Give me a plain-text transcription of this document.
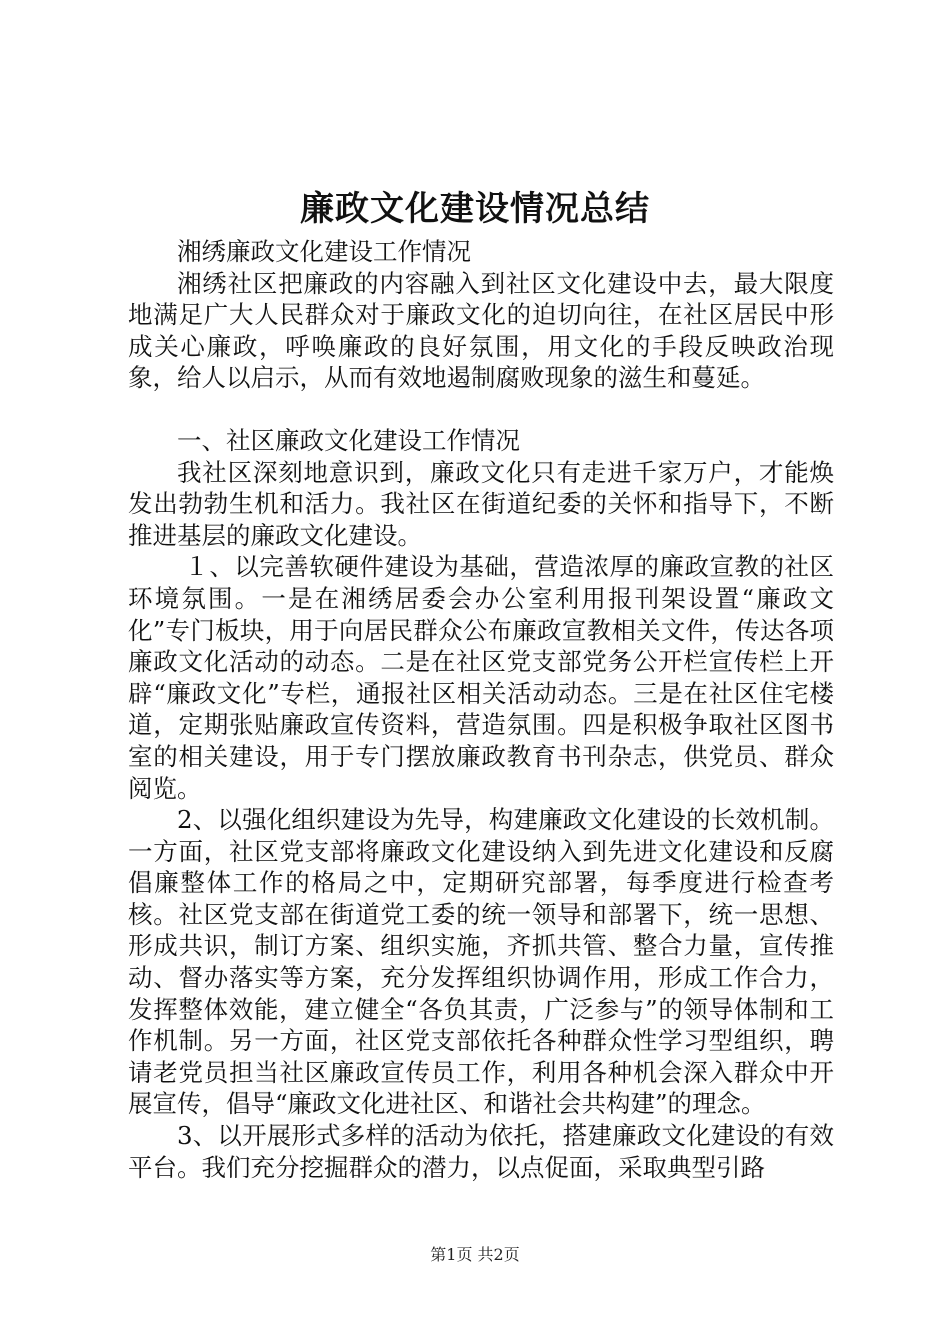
廉政文化建设情况总结

湘绣廉政文化建设工作情况

湘绣社区把廉政的内容融入到社区文化建设中去，最大限度地满足广大人民群众对于廉政文化的迫切向往，在社区居民中形成关心廉政，呼唤廉政的良好氛围，用文化的手段反映政治现象，给人以启示，从而有效地遏制腐败现象的滋生和蔓延。

一、社区廉政文化建设工作情况

我社区深刻地意识到，廉政文化只有走进千家万户，才能焕发出勃勃生机和活力。我社区在街道纪委的关怀和指导下，不断推进基层的廉政文化建设。

１、以完善软硬件建设为基础，营造浓厚的廉政宣教的社区环境氛围。一是在湘绣居委会办公室利用报刊架设置“廉政文化”专门板块，用于向居民群众公布廉政宣教相关文件，传达各项廉政文化活动的动态。二是在社区党支部党务公开栏宣传栏上开辟“廉政文化”专栏，通报社区相关活动动态。三是在社区住宅楼道，定期张贴廉政宣传资料，营造氛围。四是积极争取社区图书室的相关建设，用于专门摆放廉政教育书刊杂志，供党员、群众阅览。

2、以强化组织建设为先导，构建廉政文化建设的长效机制。一方面，社区党支部将廉政文化建设纳入到先进文化建设和反腐倡廉整体工作的格局之中，定期研究部署，每季度进行检查考核。社区党支部在街道党工委的统一领导和部署下，统一思想、形成共识，制订方案、组织实施，齐抓共管、整合力量，宣传推动、督办落实等方案，充分发挥组织协调作用，形成工作合力，发挥整体效能，建立健全“各负其责，广泛参与”的领导体制和工作机制。另一方面，社区党支部依托各种群众性学习型组织，聘请老党员担当社区廉政宣传员工作，利用各种机会深入群众中开展宣传，倡导“廉政文化进社区、和谐社会共构建”的理念。

3、以开展形式多样的活动为依托，搭建廉政文化建设的有效平台。我们充分挖掘群众的潜力，以点促面，采取典型引路

第1页 共2页
